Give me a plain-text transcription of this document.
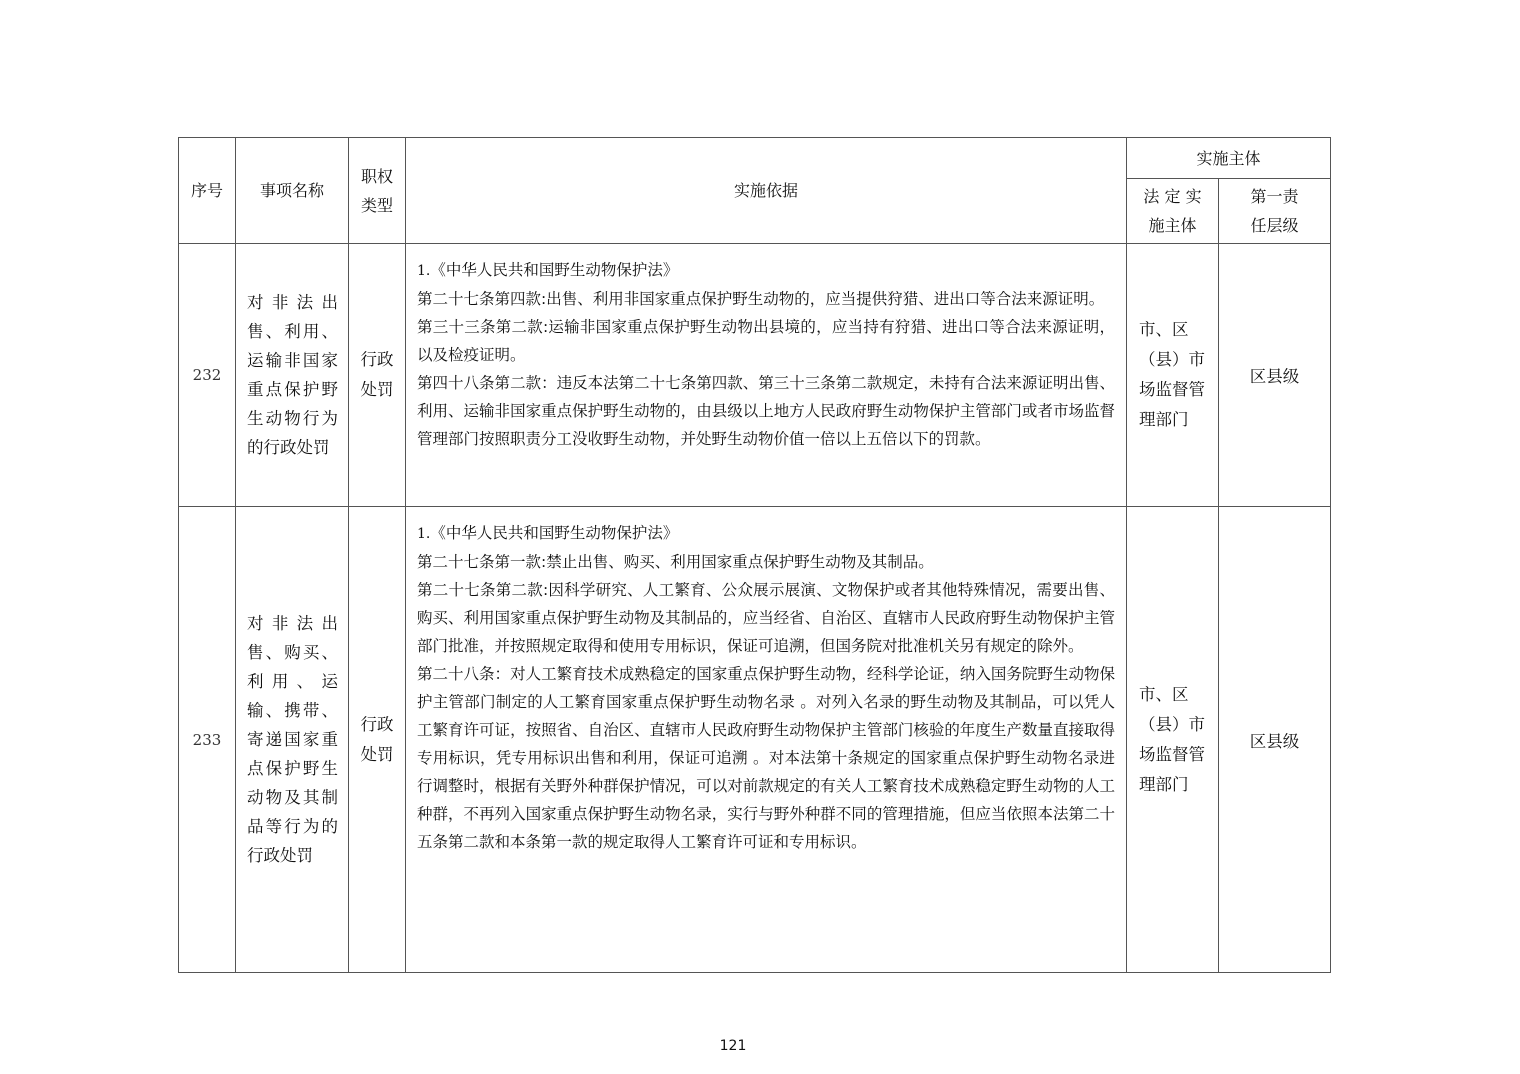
序号	事项名称	职权类型	实施依据	实施主体	
				法 定 实施主体	第一责任层级
232	对非法出售、利用、运输非国家重点保护野生动物行为的行政处罚	行政处罚	1.《中华人民共和国野生动物保护法》
第二十七条第四款:出售、利用非国家重点保护野生动物的，应当提供狩猎、进出口等合法来源证明。
第三十三条第二款:运输非国家重点保护野生动物出县境的，应当持有狩猎、进出口等合法来源证明，以及检疫证明。
第四十八条第二款：违反本法第二十七条第四款、第三十三条第二款规定，未持有合法来源证明出售、利用、运输非国家重点保护野生动物的，由县级以上地方人民政府野生动物保护主管部门或者市场监督管理部门按照职责分工没收野生动物，并处野生动物价值一倍以上五倍以下的罚款。	市、区（县）市场监督管理部门	区县级
233	对非法出售、购买、利用、运输、携带、寄递国家重点保护野生动物及其制品等行为的行政处罚	行政处罚	1.《中华人民共和国野生动物保护法》
第二十七条第一款:禁止出售、购买、利用国家重点保护野生动物及其制品。
第二十七条第二款:因科学研究、人工繁育、公众展示展演、文物保护或者其他特殊情况，需要出售、购买、利用国家重点保护野生动物及其制品的，应当经省、自治区、直辖市人民政府野生动物保护主管部门批准，并按照规定取得和使用专用标识，保证可追溯，但国务院对批准机关另有规定的除外。
第二十八条：对人工繁育技术成熟稳定的国家重点保护野生动物，经科学论证，纳入国务院野生动物保护主管部门制定的人工繁育国家重点保护野生动物名录 。对列入名录的野生动物及其制品，可以凭人工繁育许可证，按照省、自治区、直辖市人民政府野生动物保护主管部门核验的年度生产数量直接取得专用标识，凭专用标识出售和利用，保证可追溯 。对本法第十条规定的国家重点保护野生动物名录进行调整时，根据有关野外种群保护情况，可以对前款规定的有关人工繁育技术成熟稳定野生动物的人工种群，不再列入国家重点保护野生动物名录，实行与野外种群不同的管理措施，但应当依照本法第二十五条第二款和本条第一款的规定取得人工繁育许可证和专用标识。	市、区（县）市场监督管理部门	区县级
121
